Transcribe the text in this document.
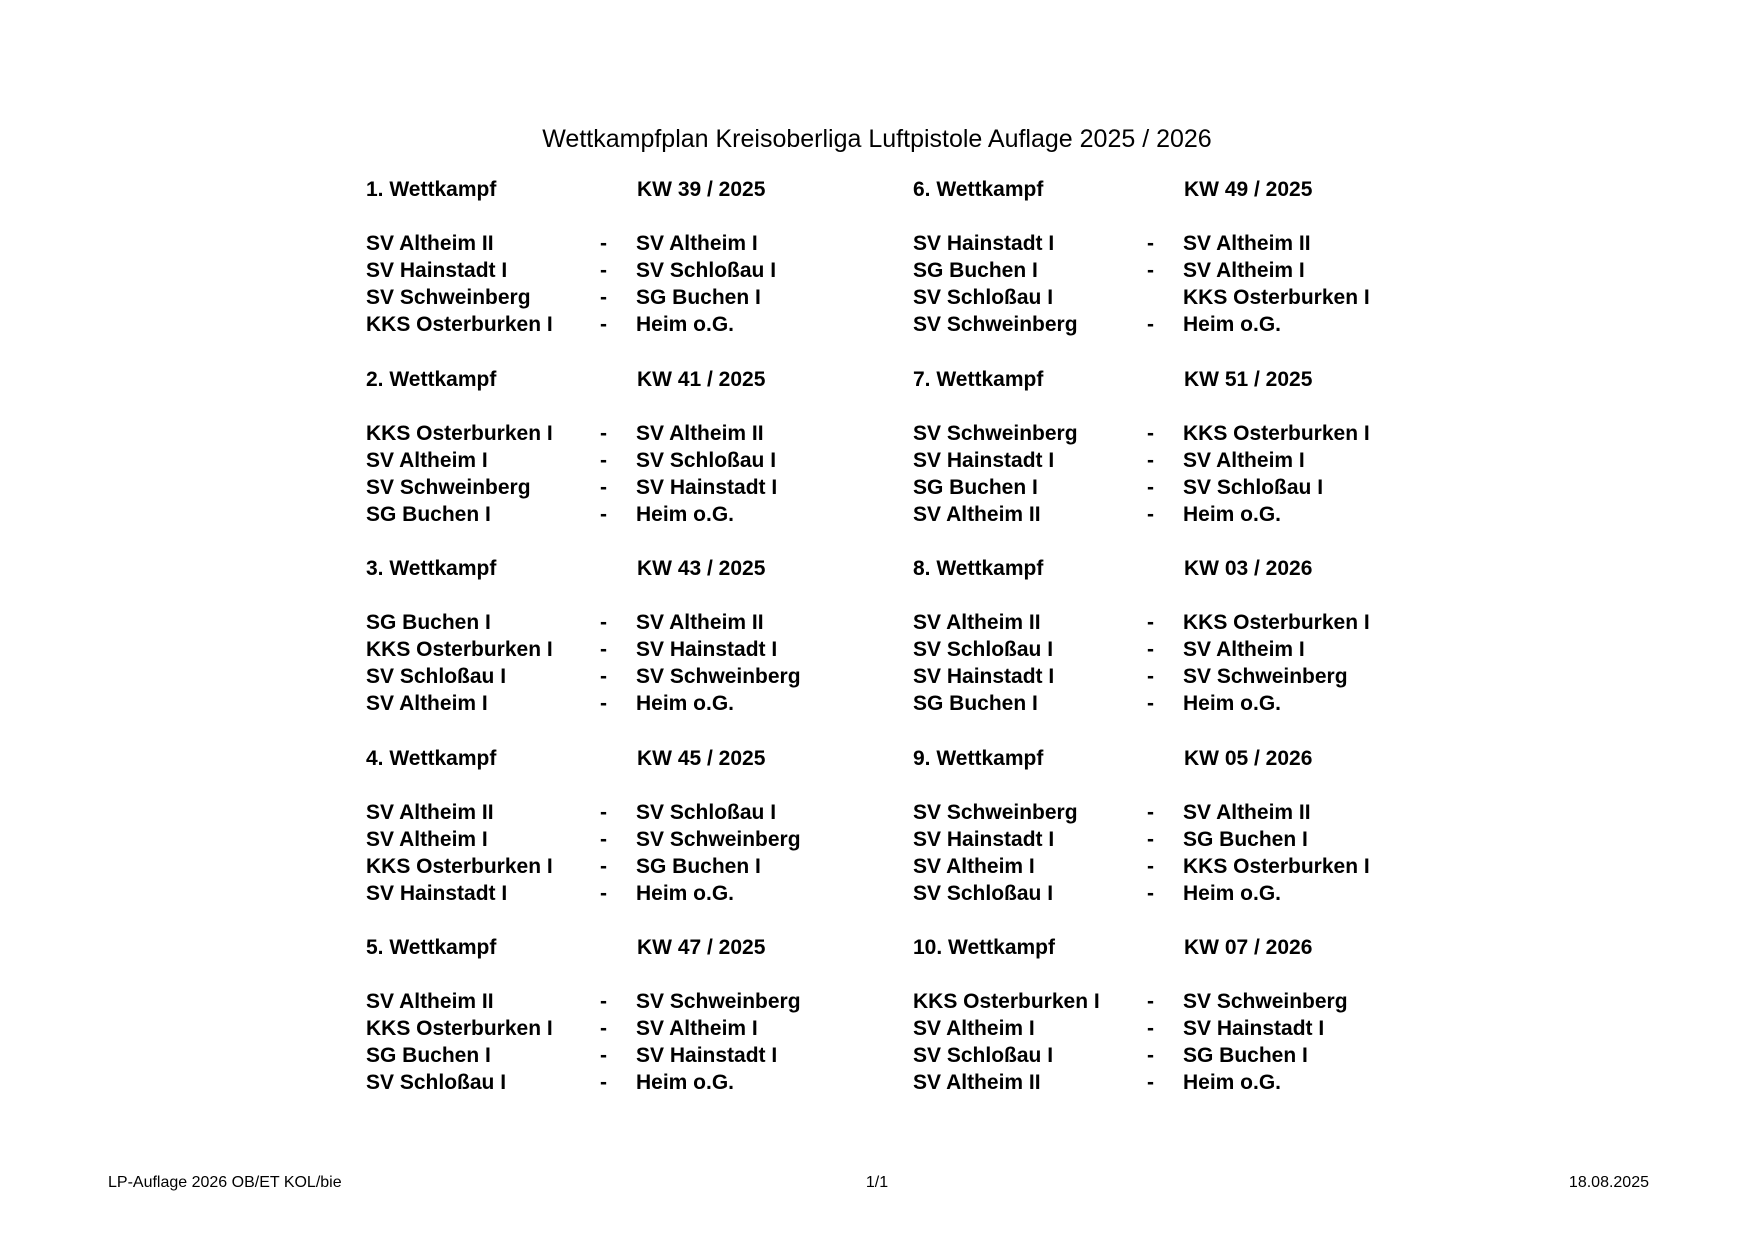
Wettkampfplan Kreisoberliga Luftpistole Auflage 2025 / 2026
1. Wettkampf	KW 39 / 2025
SV Altheim II	- SV Altheim I
SV Hainstadt I	- SV Schloßau I
SV Schweinberg	- SG Buchen I
KKS Osterburken I - Heim o.G.
6. Wettkampf	KW 49 / 2025
SV Hainstadt I	- SV Altheim II
SG Buchen I	- SV Altheim I
SV Schloßau I	KKS Osterburken I
SV Schweinberg	- Heim o.G.
2. Wettkampf	KW 41 / 2025
KKS Osterburken I - SV Altheim II
SV Altheim I	- SV Schloßau I
SV Schweinberg	- SV Hainstadt I
SG Buchen I	- Heim o.G.
7. Wettkampf	KW 51 / 2025
SV Schweinberg	- KKS Osterburken I
SV Hainstadt I	- SV Altheim I
SG Buchen I	- SV Schloßau I
SV Altheim II	- Heim o.G.
3. Wettkampf	KW 43 / 2025
SG Buchen I	- SV Altheim II
KKS Osterburken I - SV Hainstadt I
SV Schloßau I	- SV Schweinberg
SV Altheim I	- Heim o.G.
8. Wettkampf	KW 03 / 2026
SV Altheim II	- KKS Osterburken I
SV Schloßau I	- SV Altheim I
SV Hainstadt I	- SV Schweinberg
SG Buchen I	- Heim o.G.
4. Wettkampf	KW 45 / 2025
SV Altheim II	- SV Schloßau I
SV Altheim I	- SV Schweinberg
KKS Osterburken I - SG Buchen I
SV Hainstadt I	- Heim o.G.
9. Wettkampf	KW 05 / 2026
SV Schweinberg	- SV Altheim II
SV Hainstadt I	- SG Buchen I
SV Altheim I	- KKS Osterburken I
SV Schloßau I	- Heim o.G.
5. Wettkampf	KW 47 / 2025
SV Altheim II	- SV Schweinberg
KKS Osterburken I - SV Altheim I
SG Buchen I	- SV Hainstadt I
SV Schloßau I	- Heim o.G.
10. Wettkampf	KW 07 / 2026
KKS Osterburken I - SV Schweinberg
SV Altheim I	- SV Hainstadt I
SV Schloßau I	- SG Buchen I
SV Altheim II	- Heim o.G.
LP-Auflage 2026 OB/ET KOL/bie	1/1	18.08.2025
